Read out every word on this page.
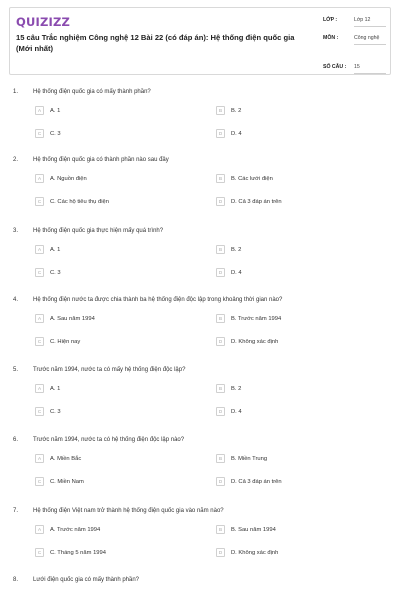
QUIZIZZ
15 câu Trắc nghiệm Công nghệ 12 Bài 22 (có đáp án): Hệ thống điện quốc gia (Mới nhất)
LỚP :	Lớp 12
MÔN :	Công nghệ
SỐ CÂU : 15
1. Hệ thống điện quốc gia có mấy thành phần?
A	A. 1	B	B. 2
C	C. 3	D	D. 4
2. Hệ thống điện quốc gia có thành phần nào sau đây
A	A. Nguồn điện	B	B. Các lưới điện
C	C. Các hộ tiêu thụ điện	D	D. Cả 3 đáp án trên
3. Hệ thống điện quốc gia thực hiện mấy quá trình?
A	A. 1	B	B. 2
C	C. 3	D	D. 4
4. Hệ thống điện nước ta được chia thành ba hệ thống điện độc lập trong khoảng thời gian nào?
A	A. Sau năm 1994	B	B. Trước năm 1994
C	C. Hiện nay	D	D. Không xác định
5. Trước năm 1994, nước ta có mấy hệ thống điện độc lập?
A	A. 1	B	B. 2
C	C. 3	D	D. 4
6. Trước năm 1994, nước ta có hệ thống điện độc lập nào?
A	A. Miền Bắc	B	B. Miền Trung
C	C. Miền Nam	D	D. Cả 3 đáp án trên
7. Hệ thống điện Việt nam trở thành hệ thống điện quốc gia vào năm nào?
A	A. Trước năm 1994	B	B. Sau năm 1994
C	C. Tháng 5 năm 1994	D	D. Không xác định
8. Lưới điện quốc gia có mấy thành phần?
